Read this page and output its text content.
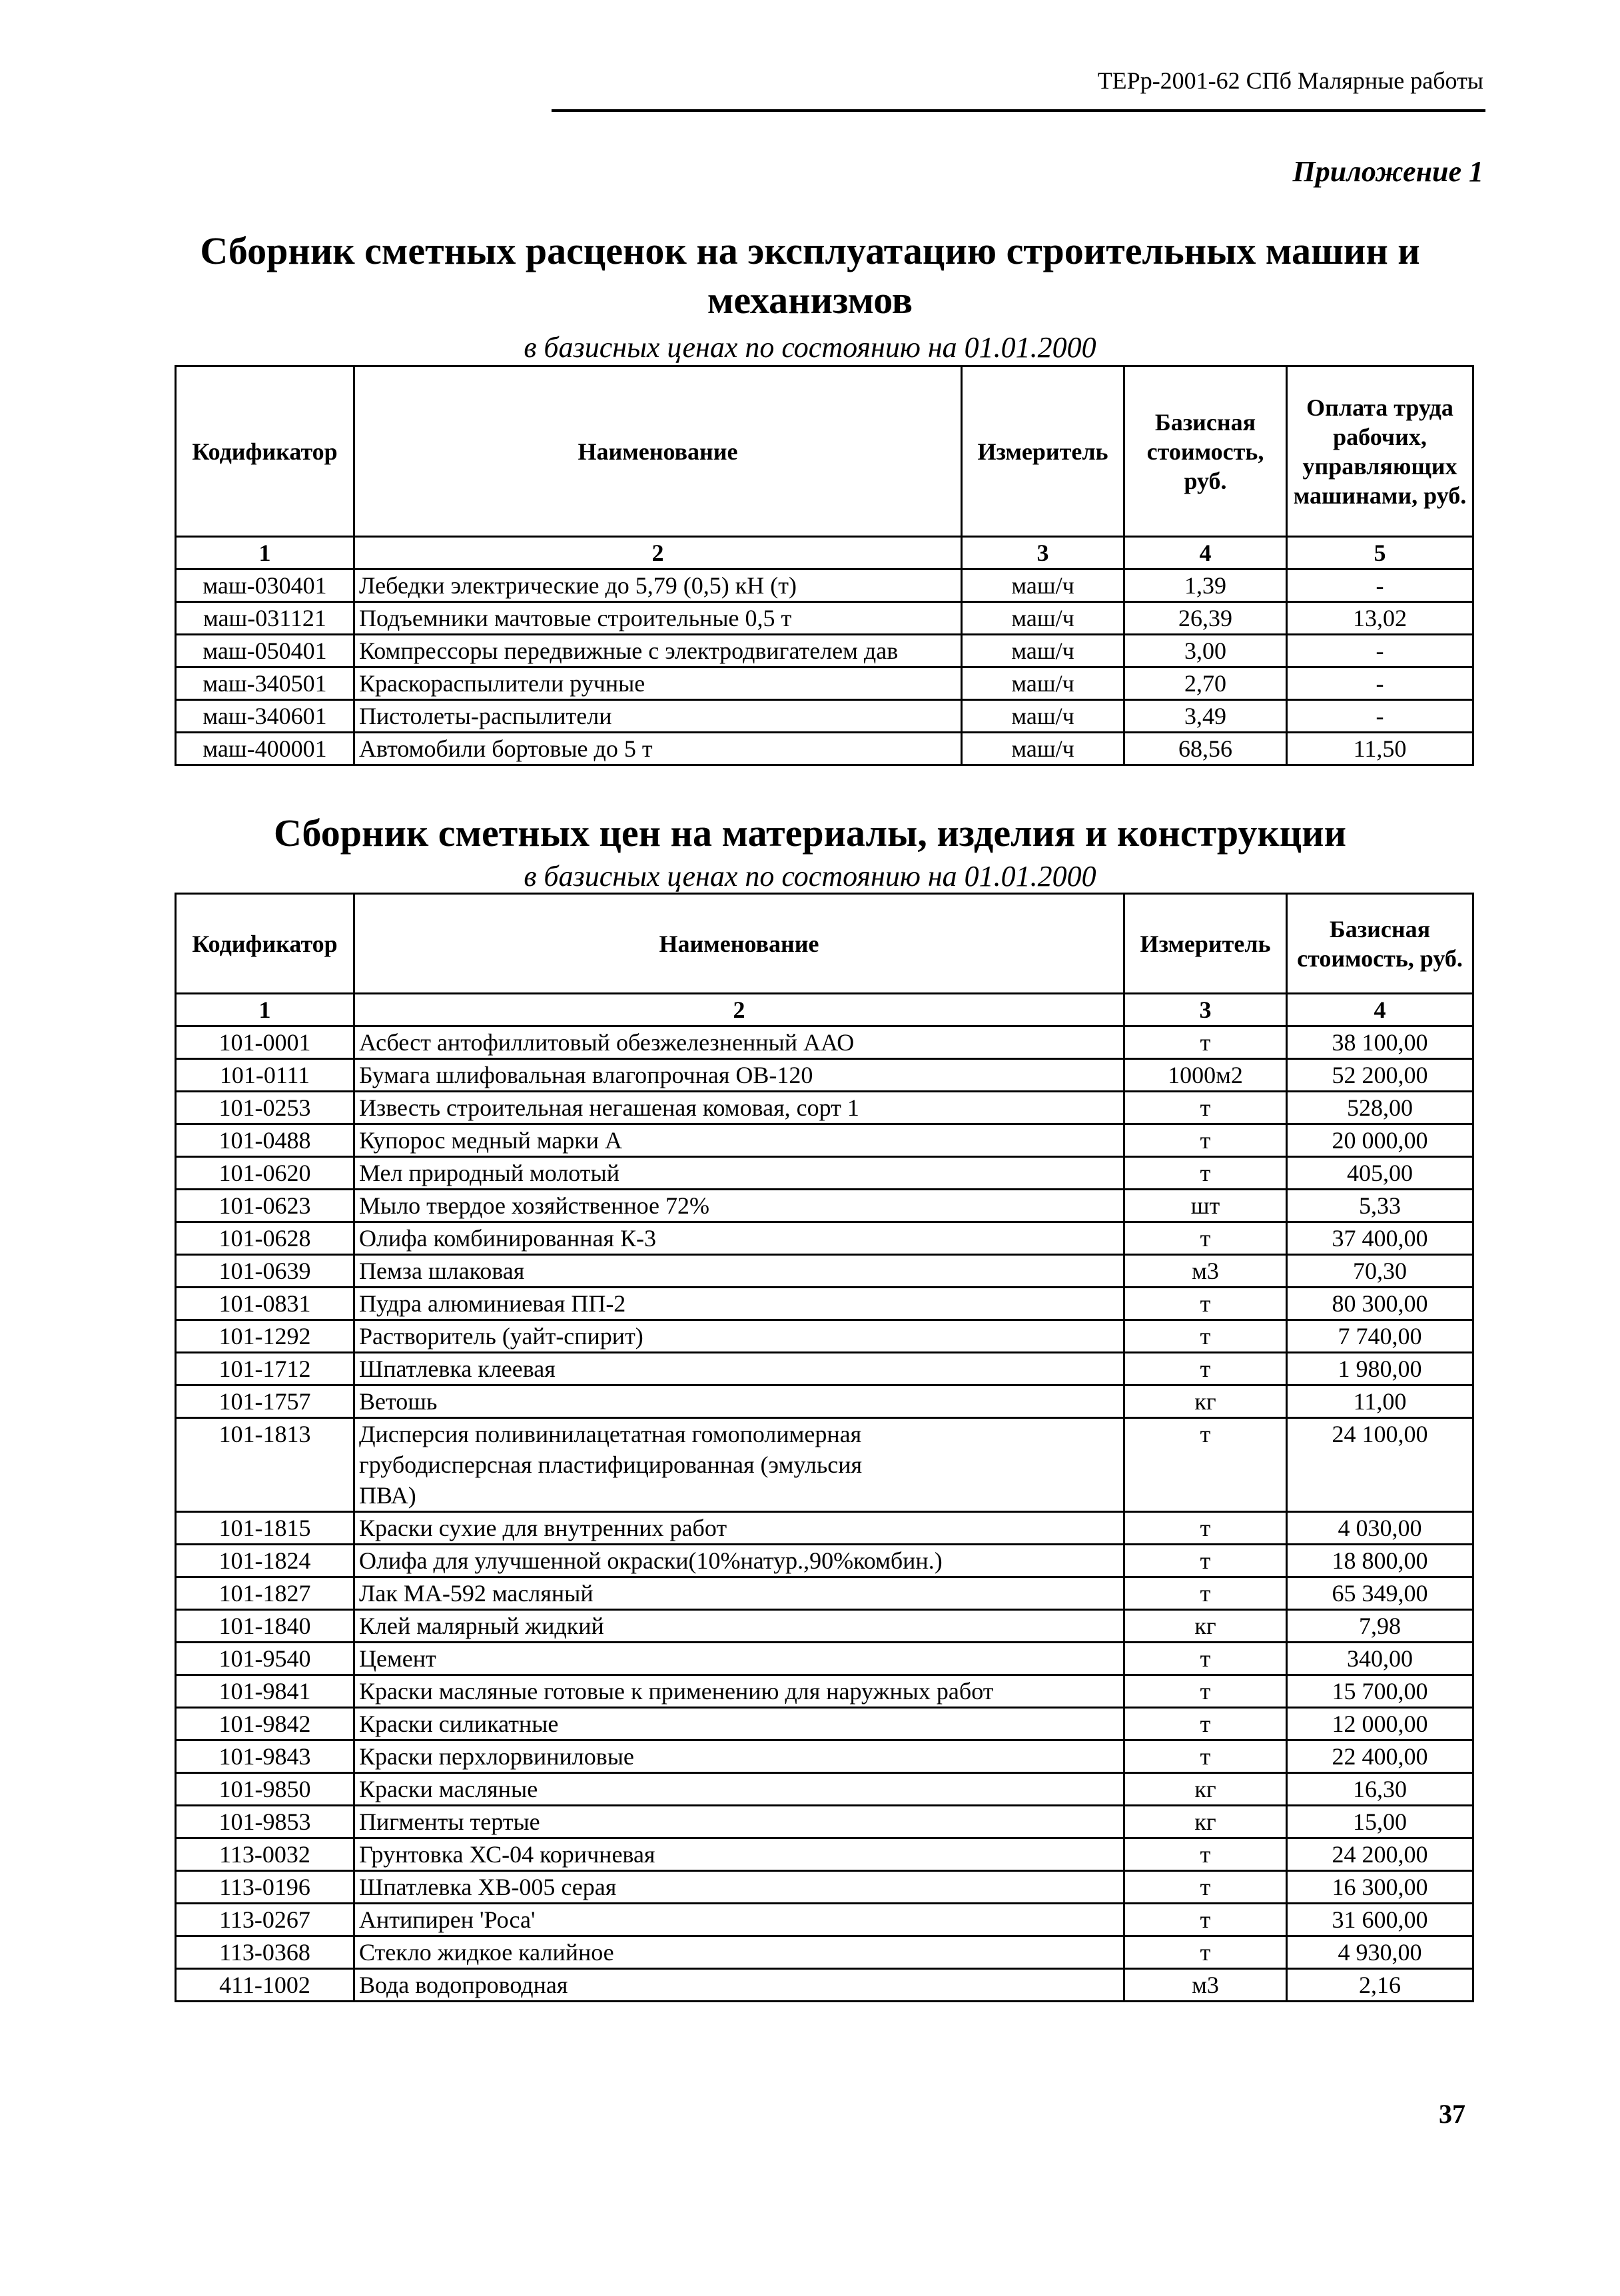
ТЕРр-2001-62 СПб Малярные работы
Приложение 1
Сборник сметных расценок на эксплуатацию строительных машин и
механизмов
в базисных ценах по состоянию на 01.01.2000
Кодификатор	Наименование	Измеритель	Базисная стоимость, руб.	Оплата труда рабочих, управляющих машинами, руб.
1	2	3	4	5
маш-030401	Лебедки электрические до 5,79 (0,5) кН (т)	маш/ч	1,39	-
маш-031121	Подъемники мачтовые строительные 0,5 т	маш/ч	26,39	13,02
маш-050401	Компрессоры передвижные с электродвигателем дав	маш/ч	3,00	-
маш-340501	Краскораспылители ручные	маш/ч	2,70	-
маш-340601	Пистолеты-распылители	маш/ч	3,49	-
маш-400001	Автомобили бортовые до 5 т	маш/ч	68,56	11,50
Сборник сметных цен на материалы, изделия и конструкции
в базисных ценах по состоянию на 01.01.2000
Кодификатор	Наименование	Измеритель	Базисная стоимость, руб.
1	2	3	4
101-0001	Асбест антофиллитовый обезжелезненный ААО	т	38 100,00
101-0111	Бумага шлифовальная влагопрочная ОВ-120	1000м2	52 200,00
101-0253	Известь строительная негашеная комовая, сорт 1	т	528,00
101-0488	Купорос медный марки А	т	20 000,00
101-0620	Мел природный молотый	т	405,00
101-0623	Мыло твердое хозяйственное 72%	шт	5,33
101-0628	Олифа комбинированная К-3	т	37 400,00
101-0639	Пемза шлаковая	м3	70,30
101-0831	Пудра алюминиевая ПП-2	т	80 300,00
101-1292	Растворитель (уайт-спирит)	т	7 740,00
101-1712	Шпатлевка клеевая	т	1 980,00
101-1757	Ветошь	кг	11,00
101-1813	Дисперсия поливинилацетатная гомополимерная грубодисперсная пластифицированная (эмульсия ПВА)	т	24 100,00
101-1815	Краски сухие для внутренних работ	т	4 030,00
101-1824	Олифа для улучшенной окраски(10%натур.,90%комбин.)	т	18 800,00
101-1827	Лак МА-592 масляный	т	65 349,00
101-1840	Клей малярный жидкий	кг	7,98
101-9540	Цемент	т	340,00
101-9841	Краски масляные готовые к применению для наружных работ	т	15 700,00
101-9842	Краски силикатные	т	12 000,00
101-9843	Краски перхлорвиниловые	т	22 400,00
101-9850	Краски масляные	кг	16,30
101-9853	Пигменты тертые	кг	15,00
113-0032	Грунтовка ХС-04 коричневая	т	24 200,00
113-0196	Шпатлевка ХВ-005 серая	т	16 300,00
113-0267	Антипирен 'Роса'	т	31 600,00
113-0368	Стекло жидкое калийное	т	4 930,00
411-1002	Вода водопроводная	м3	2,16
37
